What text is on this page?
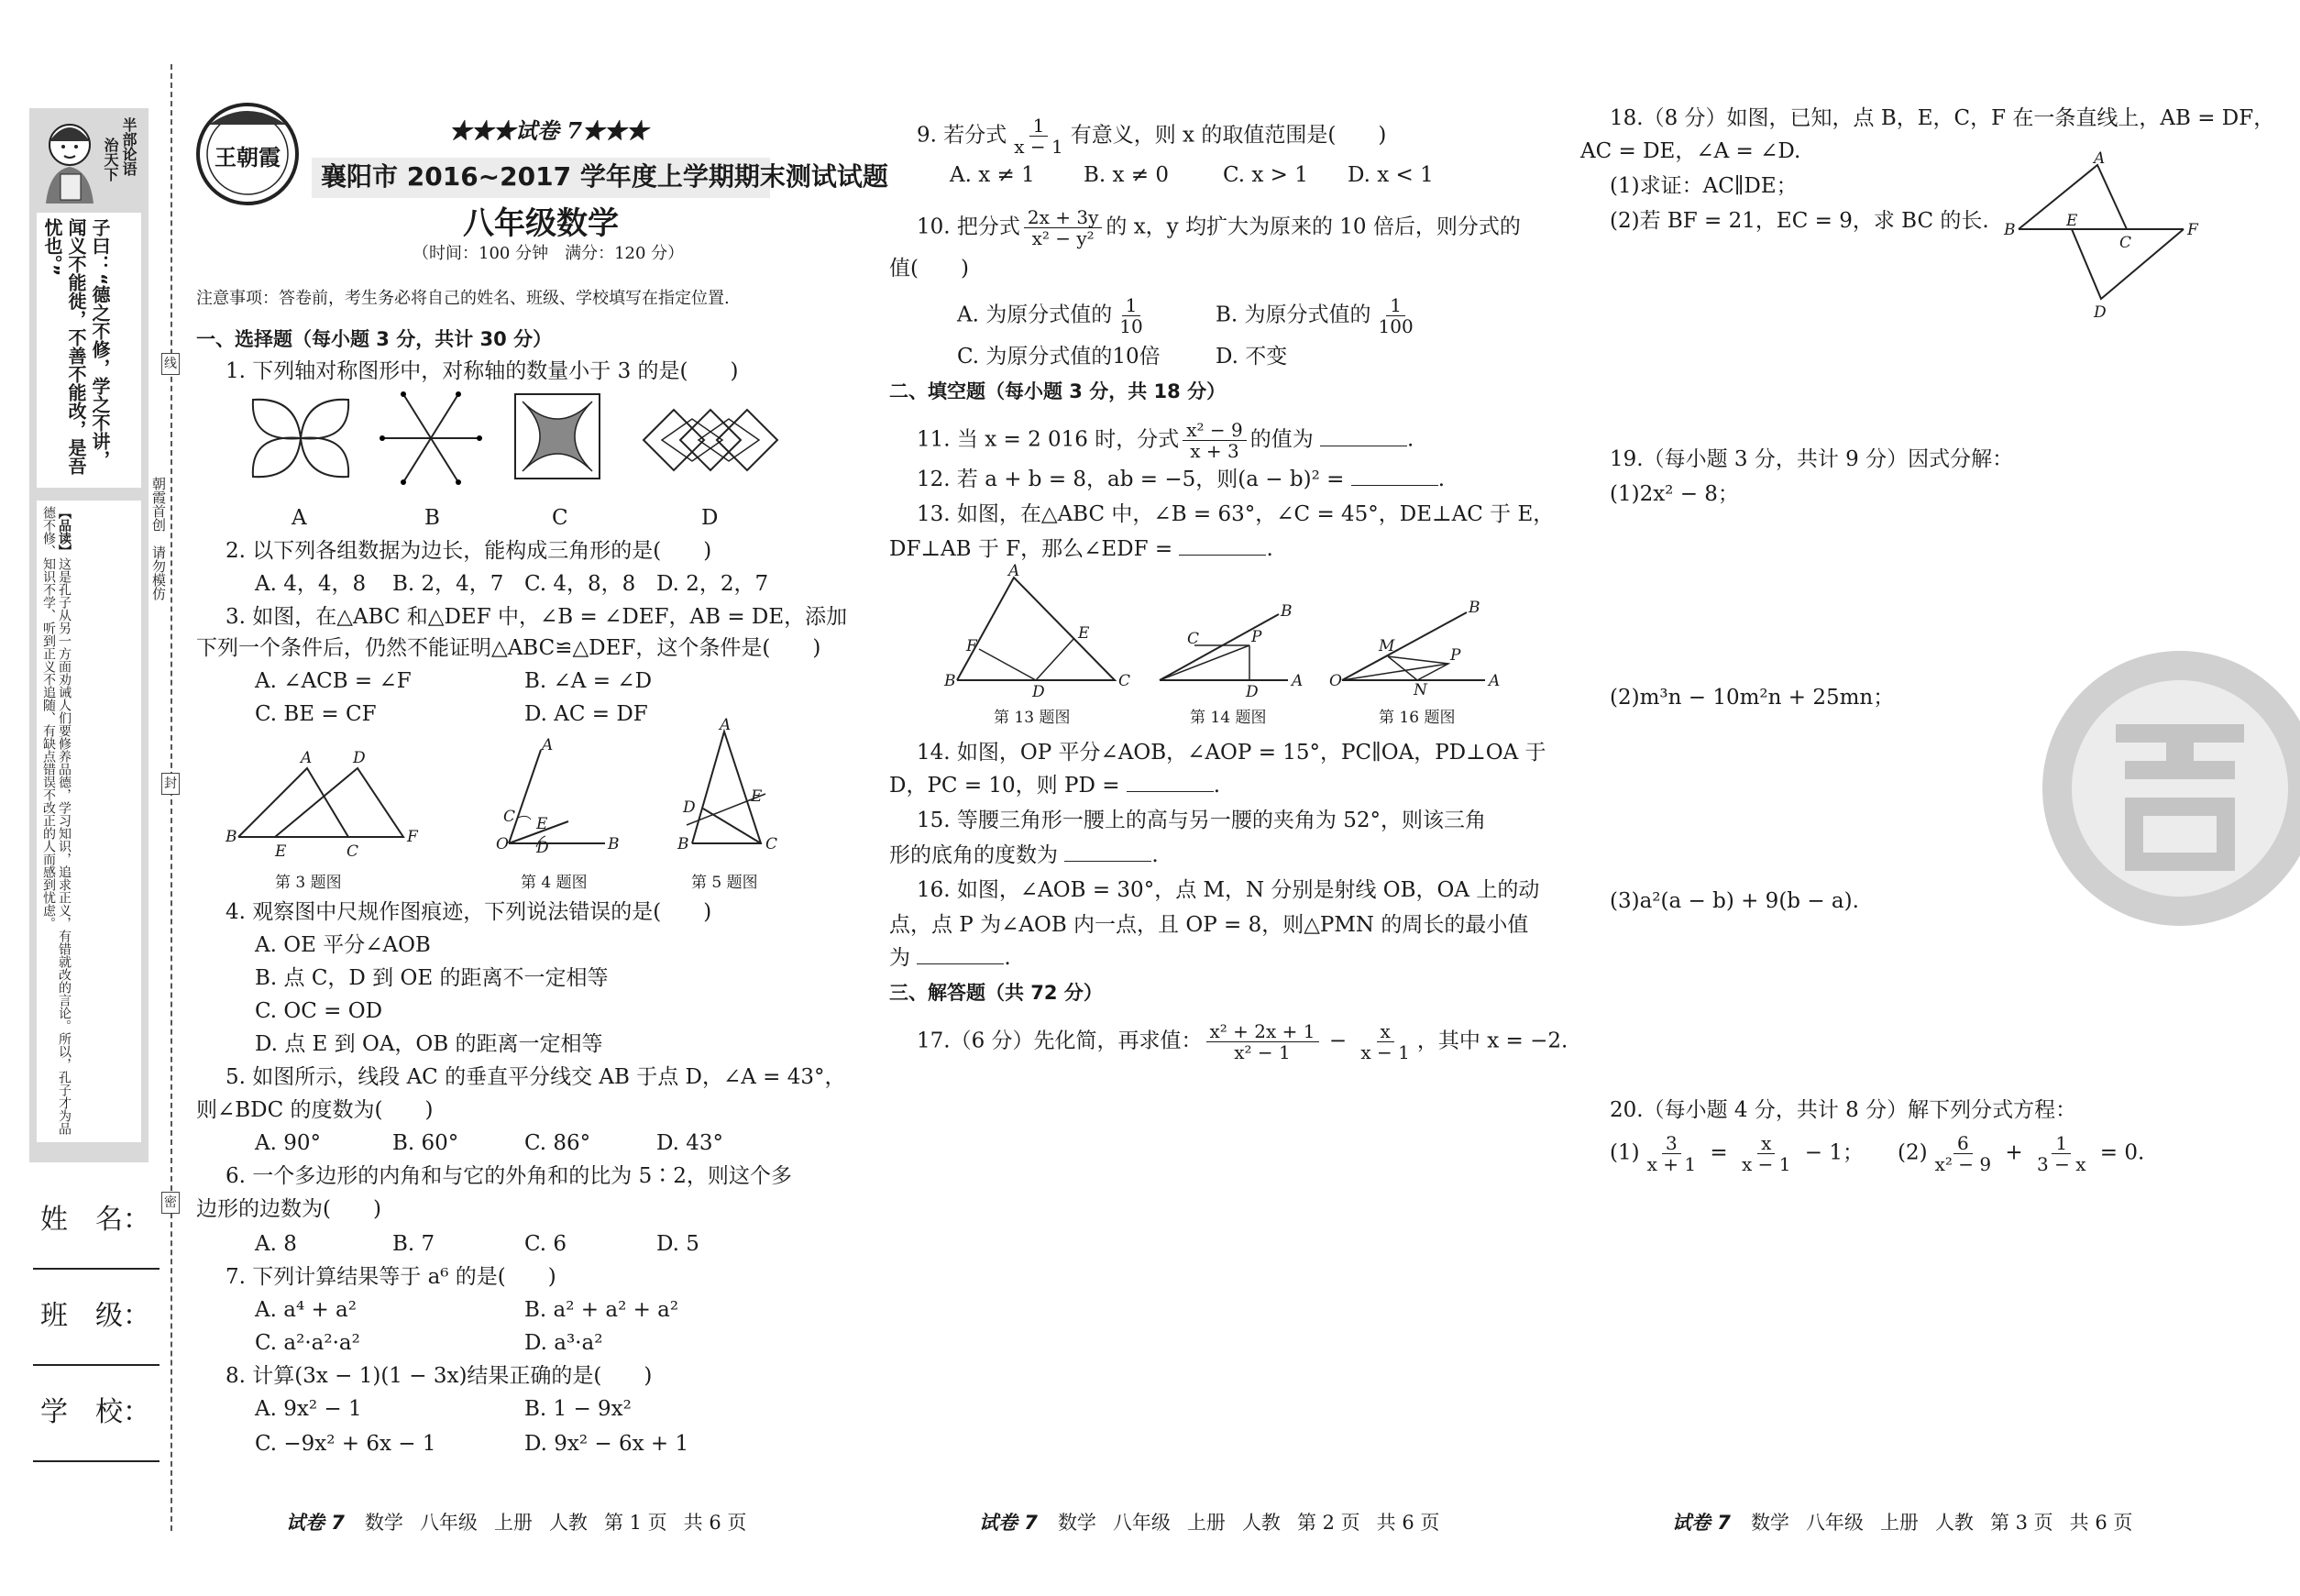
半部论语
治天下
子曰：“德之不修，学之不讲，闻义不能徙，不善不能改，是吾忧也。”
【品读】这是孔子从另一方面劝诫人们要修养品德，学习知识，追求正义，有错就改的言论。所以，孔子才为品德不修、知识不学、听到正义不追随、有缺点错误不改正的人而感到忧虑。
姓　名：
班　级：
学　校：
线
封
密
朝霞首创　请勿模仿
王朝霞
★★★试卷 7★★★
襄阳市 2016~2017 学年度上学期期末测试试题
八年级数学
（时间：100 分钟　满分：120 分）
注意事项：答卷前，考生务必将自己的姓名、班级、学校填写在指定位置.
一、选择题（每小题 3 分，共计 30 分）
1. 下列轴对称图形中，对称轴的数量小于 3 的是(　　)
A	B	C	D
2. 以下列各组数据为边长，能构成三角形的是(　　)
A. 4，4，8 B. 2，4，7 C. 4，8，8 D. 2，2，7
3. 如图，在△ABC 和△DEF 中，∠B = ∠DEF，AB = DE，添加
下列一个条件后，仍然不能证明△ABC≌△DEF，这个条件是(　　)
A. ∠ACB = ∠F	B. ∠A = ∠D
C. BE = CF	D. AC = DF
B
A	D
E	C
F
A
O	B
C
D
E
A
B	C
D
E
第 3 题图	第 4 题图	第 5 题图
4. 观察图中尺规作图痕迹，下列说法错误的是(　　)
A. OE 平分∠AOB
B. 点 C，D 到 OE 的距离不一定相等
C. OC = OD
D. 点 E 到 OA，OB 的距离一定相等
5. 如图所示，线段 AC 的垂直平分线交 AB 于点 D，∠A = 43°，
则∠BDC 的度数为(　　)
A. 90°	B. 60°	C. 86°	D. 43°
6. 一个多边形的内角和与它的外角和的比为 5∶2，则这个多
边形的边数为(　　)
A. 8	B. 7	C. 6	D. 5
7. 下列计算结果等于 a⁶ 的是(　　)
A. a⁴ + a²	B. a² + a² + a²
C. a²·a²·a²	D. a³·a²
8. 计算(3x − 1)(1 − 3x)结果正确的是(　　)
A. 9x² − 1	B. 1 − 9x²
C. −9x² + 6x − 1	D. 9x² − 6x + 1
试卷 7 数学 八年级 上册 人教 第 1 页 共 6 页
9. 若分式 $\frac{1}{x - 1}$ 有意义，则 x 的取值范围是(　　)
A. x ≠ 1 B. x ≠ 0	C. x > 1 D. x < 1
10. 把分式 $\frac{2x + 3y}{\text{x² − y²}}$ 的 x，y 均扩大为原来的 10 倍后，则分式的
值(　　)
A. 为原分式值的 $\frac{1}{10}$	B. 为原分式值的 $\frac{1}{100}$
C. 为原分式值的10倍	D. 不变
二、填空题（每小题 3 分，共 18 分）
11. 当 x = 2 016 时，分式 $\frac{\text{x² − 9}}{x + 3}$ 的值为	.
12. 若 a + b = 8，ab = −5，则(a − b)² =	.
13. 如图，在△ABC 中，∠B = 63°，∠C = 45°，DE⊥AC 于 E，
DF⊥AB 于 F，那么∠EDF =	.
A
B	C
D
F
E
B
C	P
A
D
B
M	P
O	N	A
第 13 题图	第 14 题图	第 16 题图
14. 如图，OP 平分∠AOB，∠AOP = 15°，PC∥OA，PD⊥OA 于
D，PC = 10，则 PD =	.
15. 等腰三角形一腰上的高与另一腰的夹角为 52°，则该三角
形的底角的度数为	.
16. 如图，∠AOB = 30°，点 M，N 分别是射线 OB，OA 上的动
点，点 P 为∠AOB 内一点，且 OP = 8，则△PMN 的周长的最小值
为	.
三、解答题（共 72 分）
17.（6 分）先化简，再求值： $\frac{\text{x² + 2x + 1}}{\text{x² − 1}} - \frac{x}{x - 1}$ ，其中 x = −2.
试卷 7 数学 八年级 上册 人教 第 2 页 共 6 页
18.（8 分）如图，已知，点 B，E，C，F 在一条直线上，AB = DF，
AC = DE，∠A = ∠D.
(1)求证：AC∥DE；
(2)若 BF = 21，EC = 9，求 BC 的长.
A
B	E
C
F
D
19.（每小题 3 分，共计 9 分）因式分解：
(1)2x² − 8；
(2)m³n − 10m²n + 25mn；
(3)a²(a − b) + 9(b − a).
20.（每小题 4 分，共计 8 分）解下列分式方程：
$(1) \frac{3}{x + 1} = \frac{x}{x - 1} - 1$； $(2) \frac{6}{\text{x² − 9}} + \frac{1}{3 - x} = 0$.
试卷 7 数学 八年级 上册 人教 第 3 页 共 6 页
